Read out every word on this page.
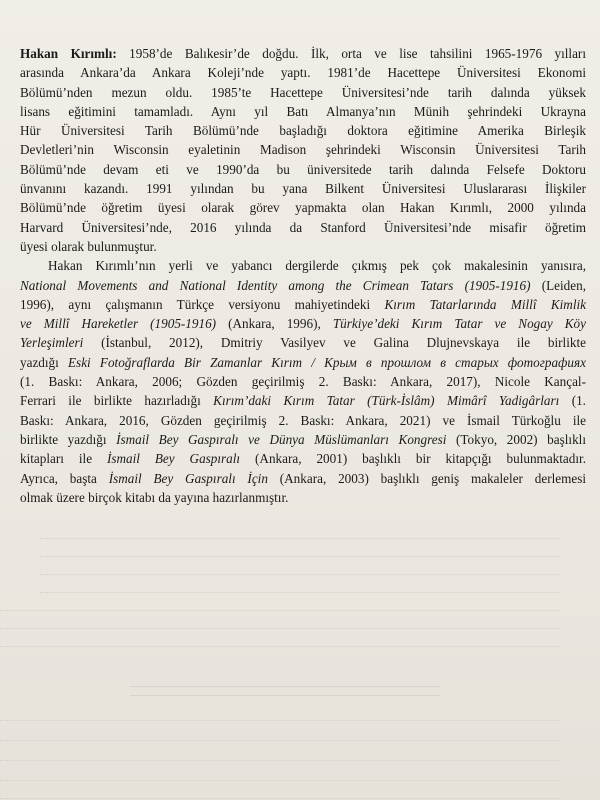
Hakan Kırımlı: 1958’de Balıkesir’de doğdu. İlk, orta ve lise tahsilini 1965-1976 yılları
arasında Ankara’da Ankara Koleji’nde yaptı. 1981’de Hacettepe Üniversitesi Ekonomi
Bölümü’nden mezun oldu. 1985’te Hacettepe Üniversitesi’nde tarih dalında yüksek
lisans eğitimini tamamladı. Aynı yıl Batı Almanya’nın Münih şehrindeki Ukrayna
Hür Üniversitesi Tarih Bölümü’nde başladığı doktora eğitimine Amerika Birleşik
Devletleri’nin Wisconsin eyaletinin Madison şehrindeki Wisconsin Üniversitesi Tarih
Bölümü’nde devam eti ve 1990’da bu üniversitede tarih dalında Felsefe Doktoru
ünvanını kazandı. 1991 yılından bu yana Bilkent Üniversitesi Uluslararası İlişkiler
Bölümü’nde öğretim üyesi olarak görev yapmakta olan Hakan Kırımlı, 2000 yılında
Harvard Üniversitesi’nde, 2016 yılında da Stanford Üniversitesi’nde misafir öğretim
üyesi olarak bulunmuştur.
Hakan Kırımlı’nın yerli ve yabancı dergilerde çıkmış pek çok makalesinin yanısıra,
National Movements and National Identity among the Crimean Tatars (1905-1916) (Leiden,
1996), aynı çalışmanın Türkçe versiyonu mahiyetindeki Kırım Tatarlarında Millî Kimlik
ve Millî Hareketler (1905-1916) (Ankara, 1996), Türkiye’deki Kırım Tatar ve Nogay Köy
Yerleşimleri (İstanbul, 2012), Dmitriy Vasilyev ve Galina Dlujnevskaya ile birlikte
yazdığı Eski Fotoğraflarda Bir Zamanlar Kırım / Крым в прошлом в старых фотографиях
(1. Baskı: Ankara, 2006; Gözden geçirilmiş 2. Baskı: Ankara, 2017), Nicole Kançal-
Ferrari ile birlikte hazırladığı Kırım’daki Kırım Tatar (Türk-İslâm) Mimârî Yadigârları (1.
Baskı: Ankara, 2016, Gözden geçirilmiş 2. Baskı: Ankara, 2021) ve İsmail Türkoğlu ile
birlikte yazdığı İsmail Bey Gaspıralı ve Dünya Müslümanları Kongresi (Tokyo, 2002) başlıklı
kitapları ile İsmail Bey Gaspıralı (Ankara, 2001) başlıklı bir kitapçığı bulunmaktadır.
Ayrıca, başta İsmail Bey Gaspıralı İçin (Ankara, 2003) başlıklı geniş makaleler derlemesi
olmak üzere birçok kitabı da yayına hazırlanmıştır.
